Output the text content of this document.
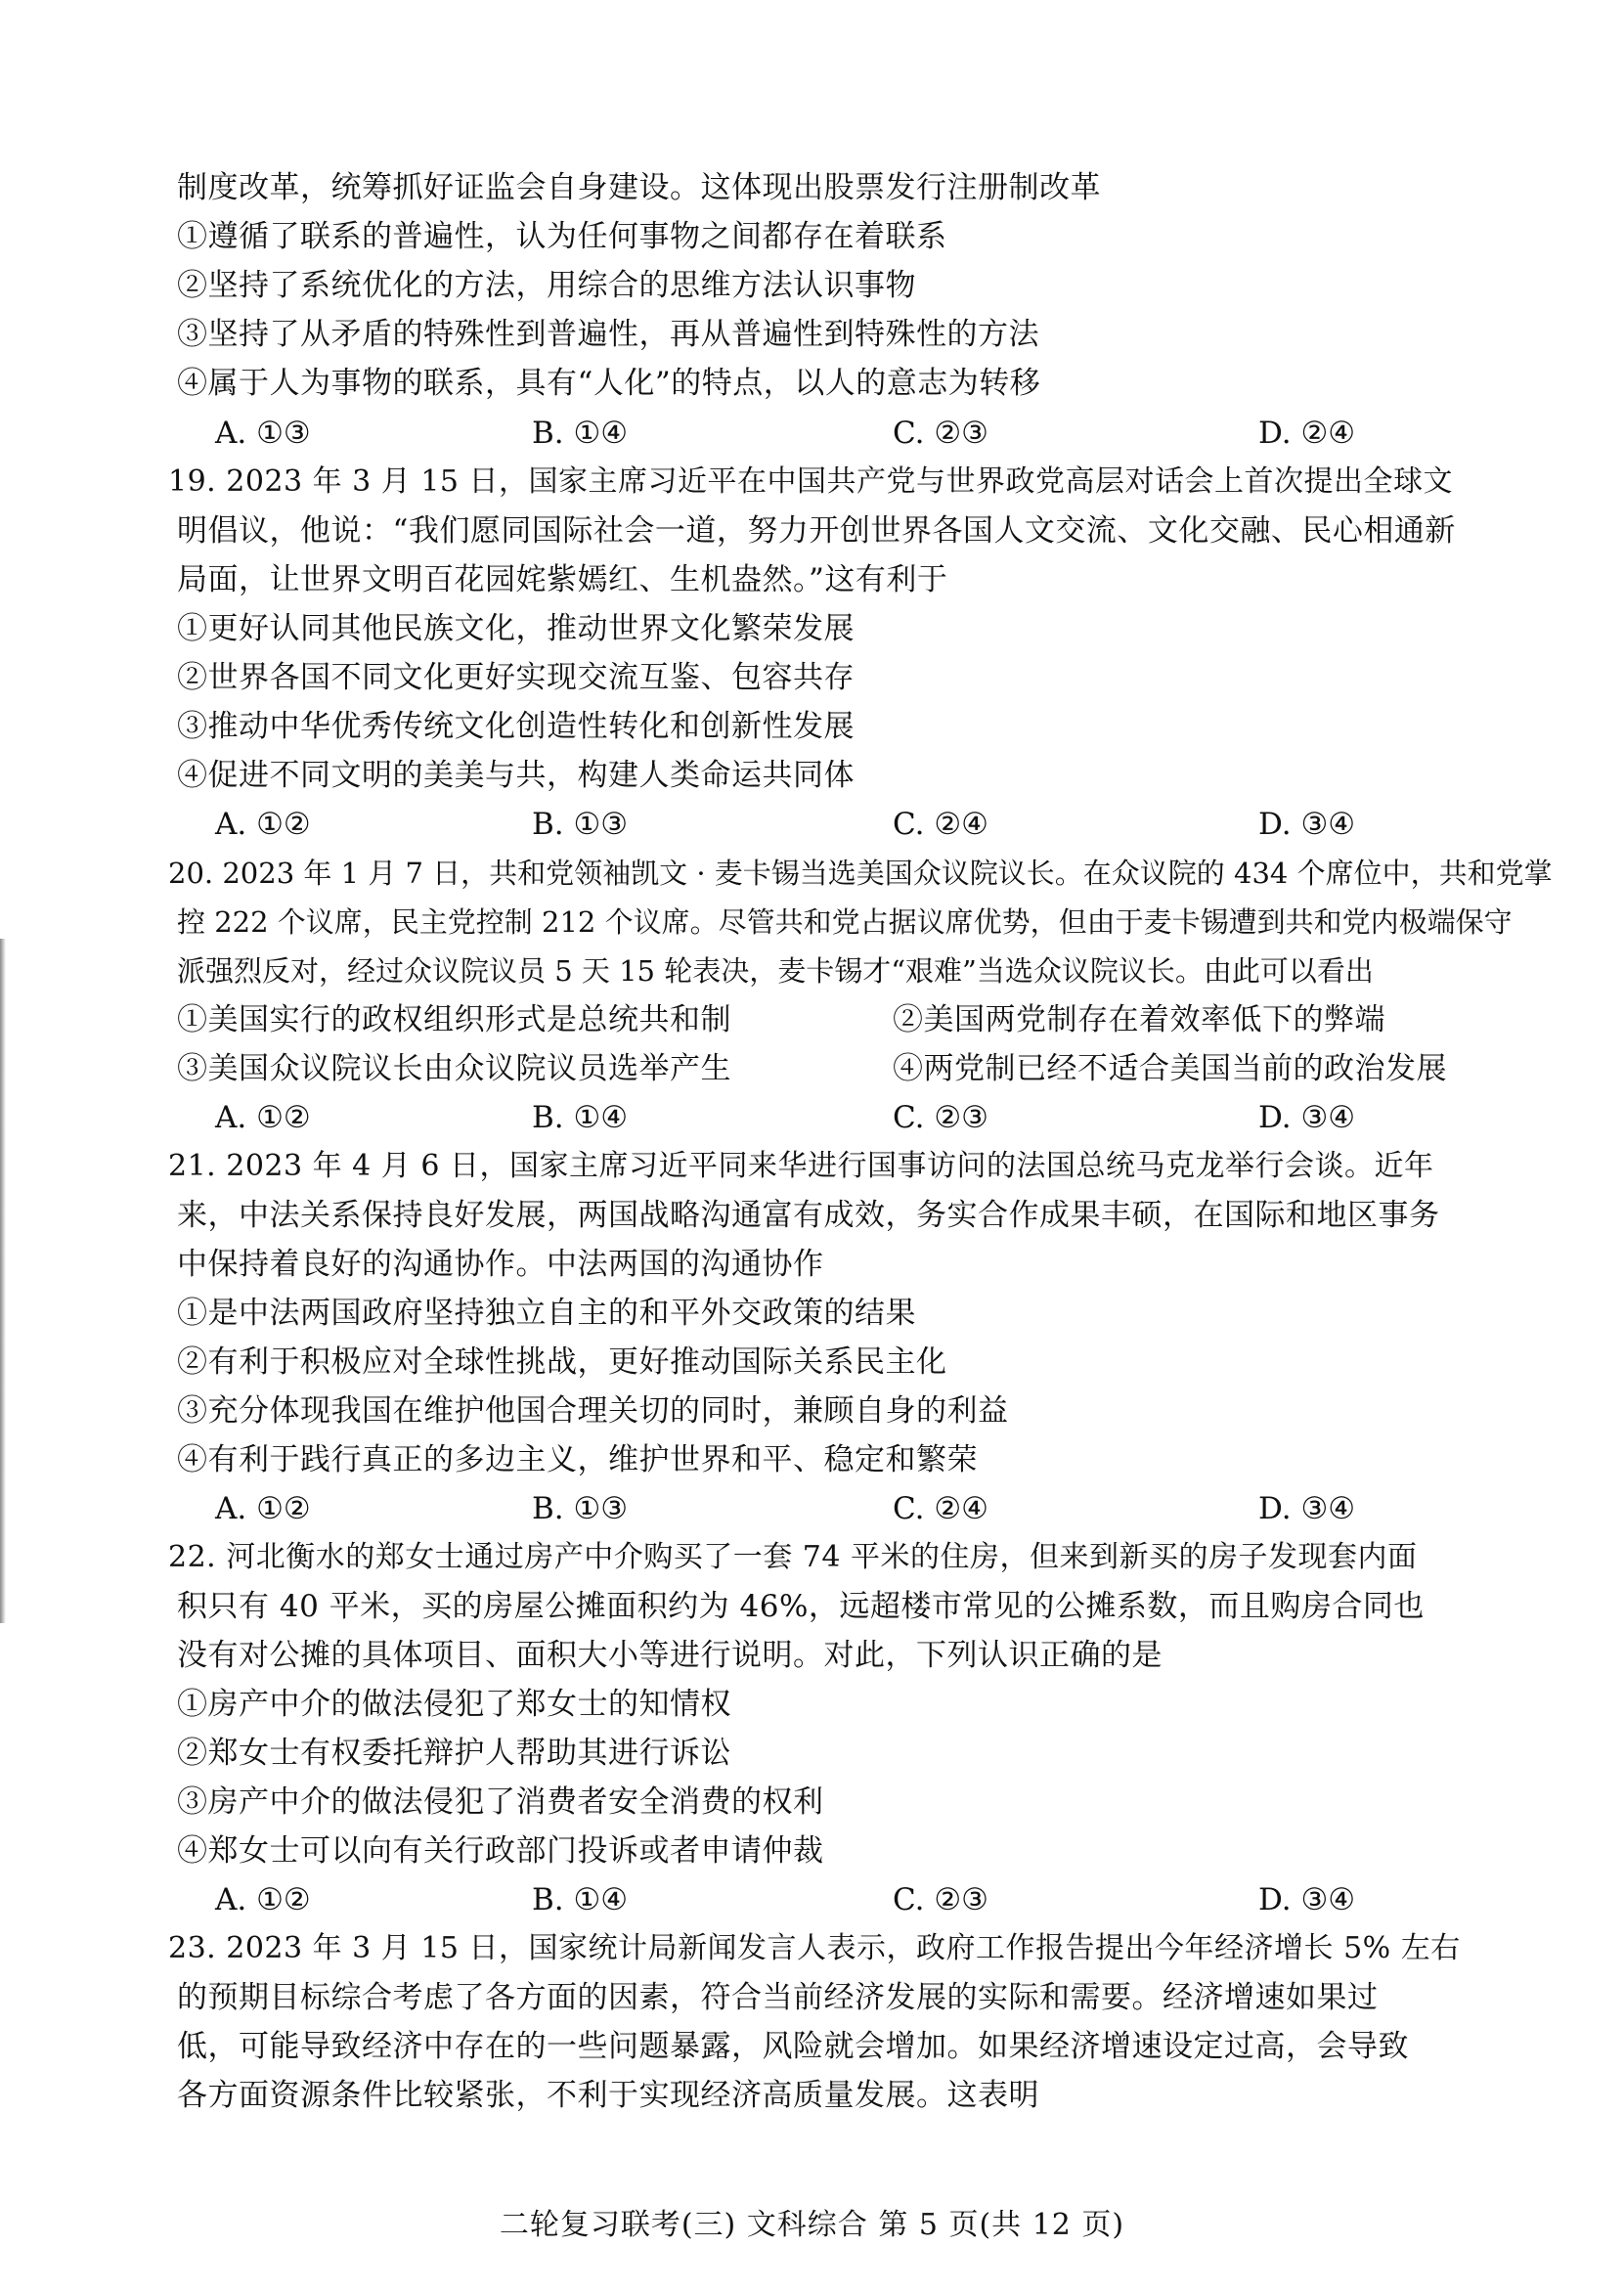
制度改革，统筹抓好证监会自身建设。这体现出股票发行注册制改革
①遵循了联系的普遍性，认为任何事物之间都存在着联系
②坚持了系统优化的方法，用综合的思维方法认识事物
③坚持了从矛盾的特殊性到普遍性，再从普遍性到特殊性的方法
④属于人为事物的联系，具有“人化”的特点，以人的意志为转移
A. ①③	B. ①④	C. ②③	D. ②④
19. 2023 年 3 月 15 日，国家主席习近平在中国共产党与世界政党高层对话会上首次提出全球文
明倡议，他说：“我们愿同国际社会一道，努力开创世界各国人文交流、文化交融、民心相通新
局面，让世界文明百花园姹紫嫣红、生机盎然。”这有利于
①更好认同其他民族文化，推动世界文化繁荣发展
②世界各国不同文化更好实现交流互鉴、包容共存
③推动中华优秀传统文化创造性转化和创新性发展
④促进不同文明的美美与共，构建人类命运共同体
A. ①②	B. ①③	C. ②④	D. ③④
20. 2023 年 1 月 7 日，共和党领袖凯文 · 麦卡锡当选美国众议院议长。在众议院的 434 个席位中，共和党掌
控 222 个议席，民主党控制 212 个议席。尽管共和党占据议席优势，但由于麦卡锡遭到共和党内极端保守
派强烈反对，经过众议院议员 5 天 15 轮表决，麦卡锡才“艰难”当选众议院议长。由此可以看出
①美国实行的政权组织形式是总统共和制	②美国两党制存在着效率低下的弊端
③美国众议院议长由众议院议员选举产生	④两党制已经不适合美国当前的政治发展
A. ①②	B. ①④	C. ②③	D. ③④
21. 2023 年 4 月 6 日，国家主席习近平同来华进行国事访问的法国总统马克龙举行会谈。近年
来，中法关系保持良好发展，两国战略沟通富有成效，务实合作成果丰硕，在国际和地区事务
中保持着良好的沟通协作。中法两国的沟通协作
①是中法两国政府坚持独立自主的和平外交政策的结果
②有利于积极应对全球性挑战，更好推动国际关系民主化
③充分体现我国在维护他国合理关切的同时，兼顾自身的利益
④有利于践行真正的多边主义，维护世界和平、稳定和繁荣
A. ①②	B. ①③	C. ②④	D. ③④
22. 河北衡水的郑女士通过房产中介购买了一套 74 平米的住房，但来到新买的房子发现套内面
积只有 40 平米，买的房屋公摊面积约为 46%，远超楼市常见的公摊系数，而且购房合同也
没有对公摊的具体项目、面积大小等进行说明。对此，下列认识正确的是
①房产中介的做法侵犯了郑女士的知情权
②郑女士有权委托辩护人帮助其进行诉讼
③房产中介的做法侵犯了消费者安全消费的权利
④郑女士可以向有关行政部门投诉或者申请仲裁
A. ①②	B. ①④	C. ②③	D. ③④
23. 2023 年 3 月 15 日，国家统计局新闻发言人表示，政府工作报告提出今年经济增长 5% 左右
的预期目标综合考虑了各方面的因素，符合当前经济发展的实际和需要。经济增速如果过
低，可能导致经济中存在的一些问题暴露，风险就会增加。如果经济增速设定过高，会导致
各方面资源条件比较紧张，不利于实现经济高质量发展。这表明
二轮复习联考(三) 文科综合 第 5 页(共 12 页)
